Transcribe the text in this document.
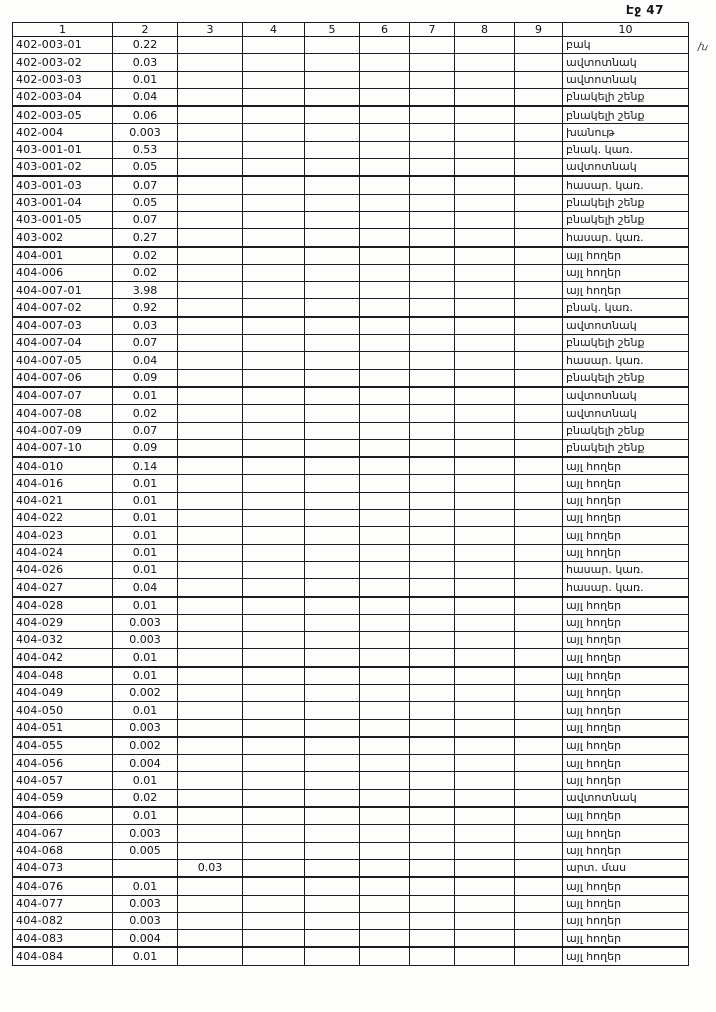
Էջ 47
խ
1	2	3	4	5	6	7	8	9	10
402-003-01	0.22								բակ
402-003-02	0.03								ավտոտնակ
402-003-03	0.01								ավտոտնակ
402-003-04	0.04								բնակելի շենք
402-003-05	0.06								բնակելի շենք
402-004	0.003								խանութ
403-001-01	0.53								բնակ. կառ.
403-001-02	0.05								ավտոտնակ
403-001-03	0.07								հասար. կառ.
403-001-04	0.05								բնակելի շենք
403-001-05	0.07								բնակելի շենք
403-002	0.27								հասար. կառ.
404-001	0.02								այլ հողեր
404-006	0.02								այլ հողեր
404-007-01	3.98								այլ հողեր
404-007-02	0.92								բնակ. կառ.
404-007-03	0.03								ավտոտնակ
404-007-04	0.07								բնակելի շենք
404-007-05	0.04								հասար. կառ.
404-007-06	0.09								բնակելի շենք
404-007-07	0.01								ավտոտնակ
404-007-08	0.02								ավտոտնակ
404-007-09	0.07								բնակելի շենք
404-007-10	0.09								բնակելի շենք
404-010	0.14								այլ հողեր
404-016	0.01								այլ հողեր
404-021	0.01								այլ հողեր
404-022	0.01								այլ հողեր
404-023	0.01								այլ հողեր
404-024	0.01								այլ հողեր
404-026	0.01								հասար. կառ.
404-027	0.04								հասար. կառ.
404-028	0.01								այլ հողեր
404-029	0.003								այլ հողեր
404-032	0.003								այլ հողեր
404-042	0.01								այլ հողեր
404-048	0.01								այլ հողեր
404-049	0.002								այլ հողեր
404-050	0.01								այլ հողեր
404-051	0.003								այլ հողեր
404-055	0.002								այլ հողեր
404-056	0.004								այլ հողեր
404-057	0.01								այլ հողեր
404-059	0.02								ավտոտնակ
404-066	0.01								այլ հողեր
404-067	0.003								այլ հողեր
404-068	0.005								այլ հողեր
404-073		0.03							արտ. մաս
404-076	0.01								այլ հողեր
404-077	0.003								այլ հողեր
404-082	0.003								այլ հողեր
404-083	0.004								այլ հողեր
404-084	0.01								այլ հողեր
